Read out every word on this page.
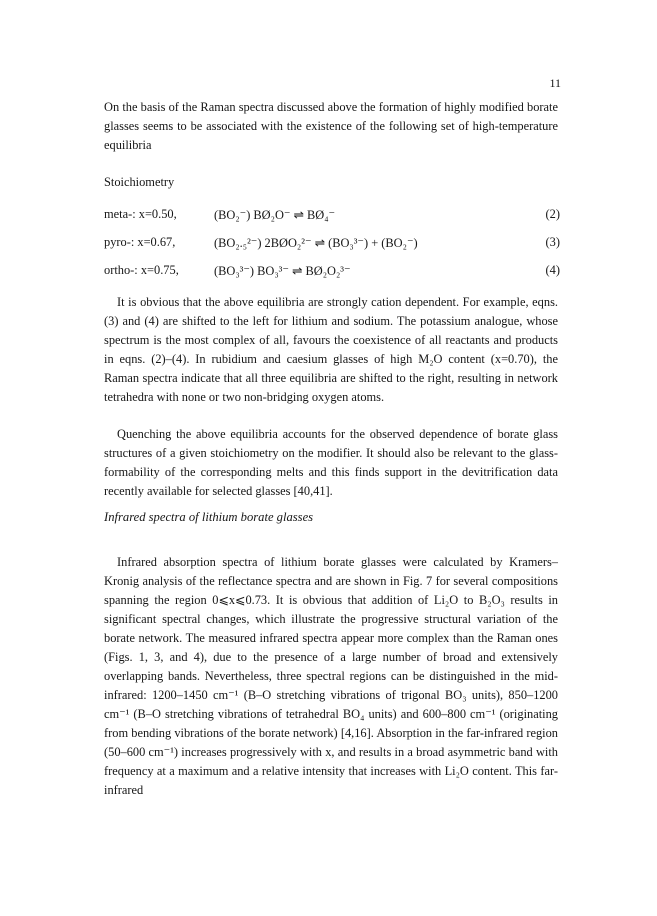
11

On the basis of the Raman spectra discussed above the formation of highly modified borate glasses seems to be associated with the existence of the following set of high-temperature equilibria

Stoichiometry
meta-: x=0.50,	(BO₂⁻) BØ₂O⁻ ⇌ BØ₄⁻	(2)
pyro-: x=0.67,	(BO₂.₅²⁻) 2BØO₂²⁻ ⇌ (BO₃³⁻) + (BO₂⁻)	(3)
ortho-: x=0.75,	(BO₃³⁻) BO₃³⁻ ⇌ BØ₂O₂³⁻	(4)

It is obvious that the above equilibria are strongly cation dependent. For example, eqns. (3) and (4) are shifted to the left for lithium and sodium. The potassium analogue, whose spectrum is the most complex of all, favours the coexistence of all reactants and products in eqns. (2)–(4). In rubidium and caesium glasses of high M₂O content (x=0.70), the Raman spectra indicate that all three equilibria are shifted to the right, resulting in network tetrahedra with none or two non-bridging oxygen atoms.

Quenching the above equilibria accounts for the observed dependence of borate glass structures of a given stoichiometry on the modifier. It should also be relevant to the glass-formability of the corresponding melts and this finds support in the devitrification data recently available for selected glasses [40,41].

Infrared spectra of lithium borate glasses

Infrared absorption spectra of lithium borate glasses were calculated by Kramers–Kronig analysis of the reflectance spectra and are shown in Fig. 7 for several compositions spanning the region 0⩽x⩽0.73. It is obvious that addition of Li₂O to B₂O₃ results in significant spectral changes, which illustrate the progressive structural variation of the borate network. The measured infrared spectra appear more complex than the Raman ones (Figs. 1, 3, and 4), due to the presence of a large number of broad and extensively overlapping bands. Nevertheless, three spectral regions can be distinguished in the mid-infrared: 1200–1450 cm⁻¹ (B–O stretching vibrations of trigonal BO₃ units), 850–1200 cm⁻¹ (B–O stretching vibrations of tetrahedral BO₄ units) and 600–800 cm⁻¹ (originating from bending vibrations of the borate network) [4,16]. Absorption in the far-infrared region (50–600 cm⁻¹) increases progressively with x, and results in a broad asymmetric band with frequency at a maximum and a relative intensity that increases with Li₂O content. This far-infrared
